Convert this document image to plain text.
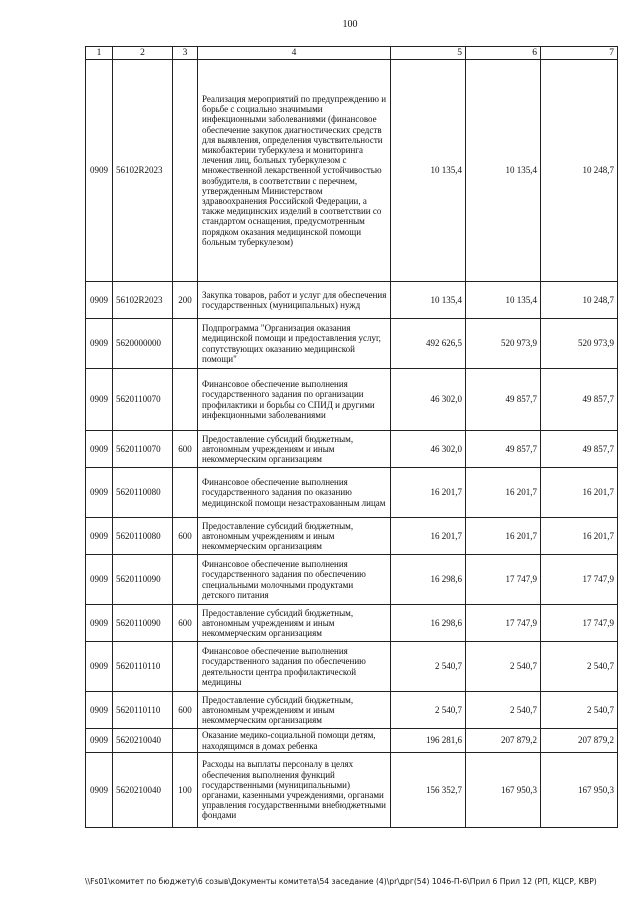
100
1	2	3	4	5	6	7
0909	56102R2023		Реализация мероприятий по предупреждению и борьбе с социально значимыми инфекционными заболеваниями (финансовое обеспечение закупок диагностических средств для выявления, определения чувствительности микобактерии туберкулеза и мониторинга лечения лиц, больных туберкулезом с множественной лекарственной устойчивостью возбудителя, в соответствии с перечнем, утвержденным Министерством здравоохранения Российской Федерации, а также медицинских изделий в соответствии со стандартом оснащения, предусмотренным порядком оказания медицинской помощи больным туберкулезом)	10 135,4	10 135,4	10 248,7
0909	56102R2023	200	Закупка товаров, работ и услуг для обеспечения государственных (муниципальных) нужд	10 135,4	10 135,4	10 248,7
0909	5620000000		Подпрограмма "Организация оказания медицинской помощи и предоставления услуг, сопутствующих оказанию медицинской помощи"	492 626,5	520 973,9	520 973,9
0909	5620110070		Финансовое обеспечение выполнения государственного задания по организации профилактики и борьбы со СПИД и другими инфекционными заболеваниями	46 302,0	49 857,7	49 857,7
0909	5620110070	600	Предоставление субсидий бюджетным, автономным учреждениям и иным некоммерческим организациям	46 302,0	49 857,7	49 857,7
0909	5620110080		Финансовое обеспечение выполнения государственного задания по оказанию медицинской помощи незастрахованным лицам	16 201,7	16 201,7	16 201,7
0909	5620110080	600	Предоставление субсидий бюджетным, автономным учреждениям и иным некоммерческим организациям	16 201,7	16 201,7	16 201,7
0909	5620110090		Финансовое обеспечение выполнения государственного задания по обеспечению специальными молочными продуктами детского питания	16 298,6	17 747,9	17 747,9
0909	5620110090	600	Предоставление субсидий бюджетным, автономным учреждениям и иным некоммерческим организациям	16 298,6	17 747,9	17 747,9
0909	5620110110		Финансовое обеспечение выполнения государственного задания по обеспечению деятельности центра профилактической медицины	2 540,7	2 540,7	2 540,7
0909	5620110110	600	Предоставление субсидий бюджетным, автономным учреждениям и иным некоммерческим организациям	2 540,7	2 540,7	2 540,7
0909	5620210040		Оказание медико-социальной помощи детям, находящимся в домах ребенка	196 281,6	207 879,2	207 879,2
0909	5620210040	100	Расходы на выплаты персоналу в целях обеспечения выполнения функций государственными (муниципальными) органами, казенными учреждениями, органами управления государственными внебюджетными фондами	156 352,7	167 950,3	167 950,3
\\Fs01\комитет по бюджету\6 созыв\Документы комитета\54 заседание (4)\pr\дрг(54) 1046-П-6\Прил 6 Прил 12 (РП, КЦСР, КВР)
